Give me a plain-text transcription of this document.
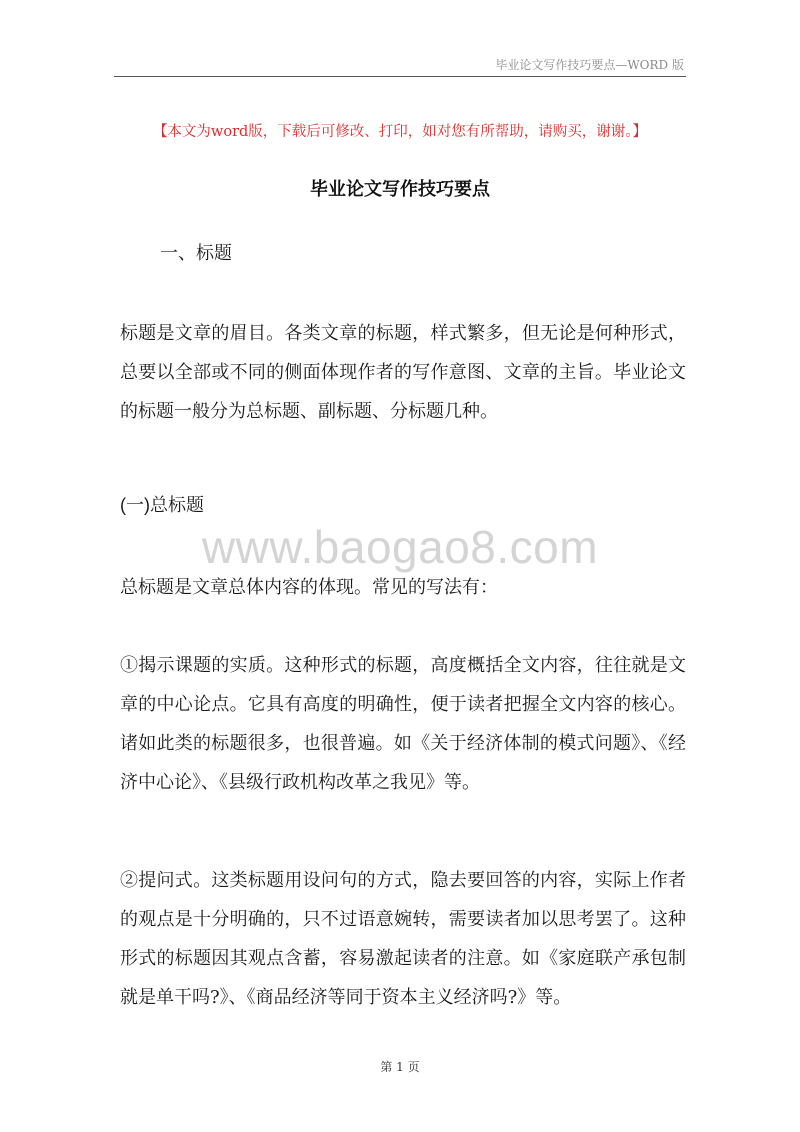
毕业论文写作技巧要点—WORD 版
【本文为word版，下载后可修改、打印，如对您有所帮助，请购买，谢谢。】
毕业论文写作技巧要点
一、标题

标题是文章的眉目。各类文章的标题，样式繁多，但无论是何种形式，总要以全部或不同的侧面体现作者的写作意图、文章的主旨。毕业论文的标题一般分为总标题、副标题、分标题几种。

(一)总标题
www.baogao8.com

总标题是文章总体内容的体现。常见的写法有：

①揭示课题的实质。这种形式的标题，高度概括全文内容，往往就是文章的中心论点。它具有高度的明确性，便于读者把握全文内容的核心。诸如此类的标题很多，也很普遍。如《关于经济体制的模式问题》、《经济中心论》、《县级行政机构改革之我见》等。

②提问式。这类标题用设问句的方式，隐去要回答的内容，实际上作者的观点是十分明确的，只不过语意婉转，需要读者加以思考罢了。这种形式的标题因其观点含蓄，容易激起读者的注意。如《家庭联产承包制就是单干吗?》、《商品经济等同于资本主义经济吗?》等。

第 1 页
